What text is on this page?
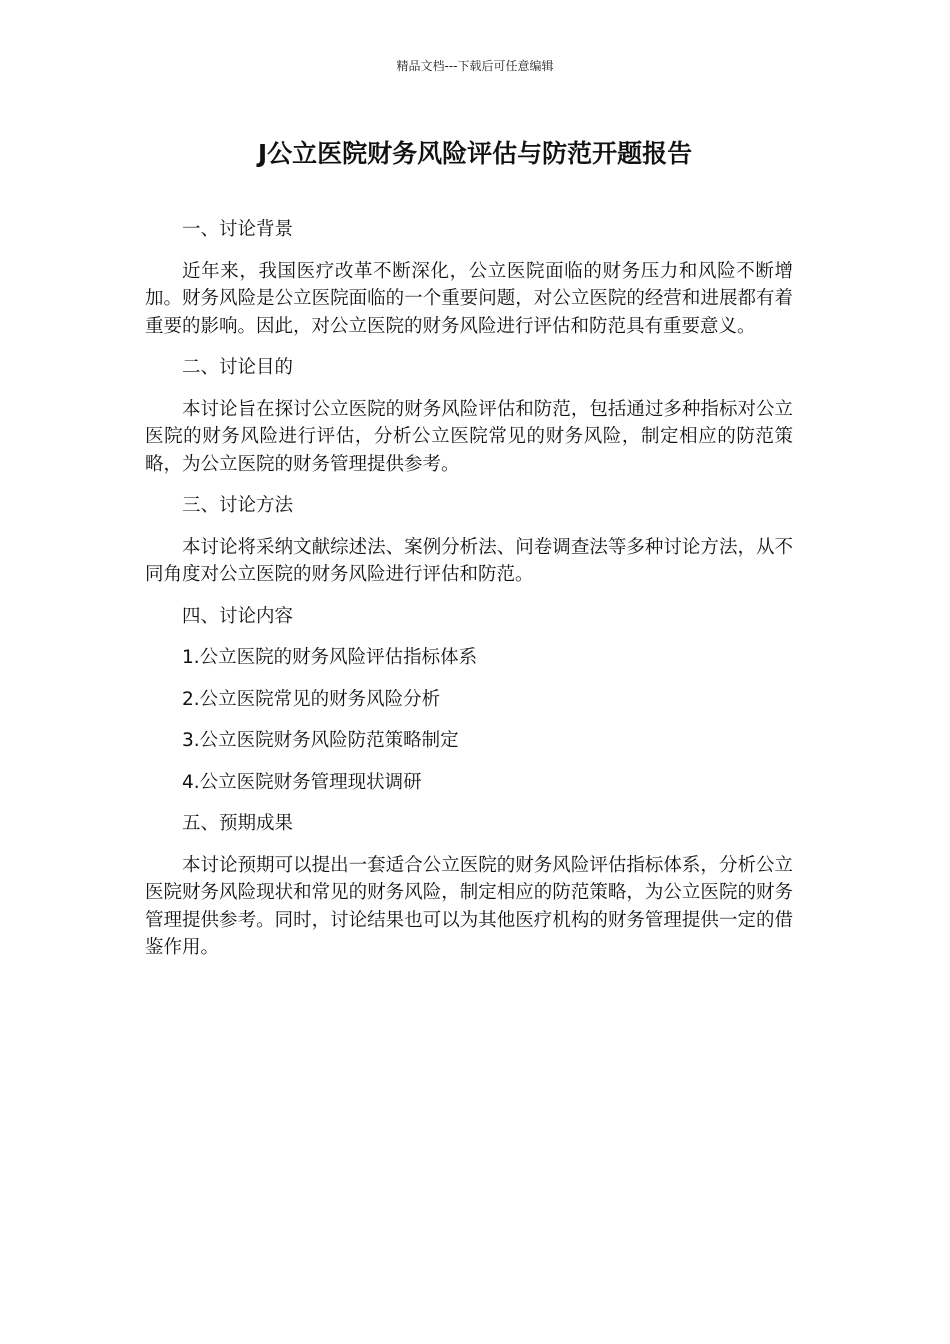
精品文档---下载后可任意编辑
J公立医院财务风险评估与防范开题报告
一、讨论背景
近年来，我国医疗改革不断深化，公立医院面临的财务压力和风险不断增加。财务风险是公立医院面临的一个重要问题，对公立医院的经营和进展都有着重要的影响。因此，对公立医院的财务风险进行评估和防范具有重要意义。
二、讨论目的
本讨论旨在探讨公立医院的财务风险评估和防范，包括通过多种指标对公立医院的财务风险进行评估，分析公立医院常见的财务风险，制定相应的防范策略，为公立医院的财务管理提供参考。
三、讨论方法
本讨论将采纳文献综述法、案例分析法、问卷调查法等多种讨论方法，从不同角度对公立医院的财务风险进行评估和防范。
四、讨论内容
1.公立医院的财务风险评估指标体系
2.公立医院常见的财务风险分析
3.公立医院财务风险防范策略制定
4.公立医院财务管理现状调研
五、预期成果
本讨论预期可以提出一套适合公立医院的财务风险评估指标体系，分析公立医院财务风险现状和常见的财务风险，制定相应的防范策略，为公立医院的财务管理提供参考。同时，讨论结果也可以为其他医疗机构的财务管理提供一定的借鉴作用。
